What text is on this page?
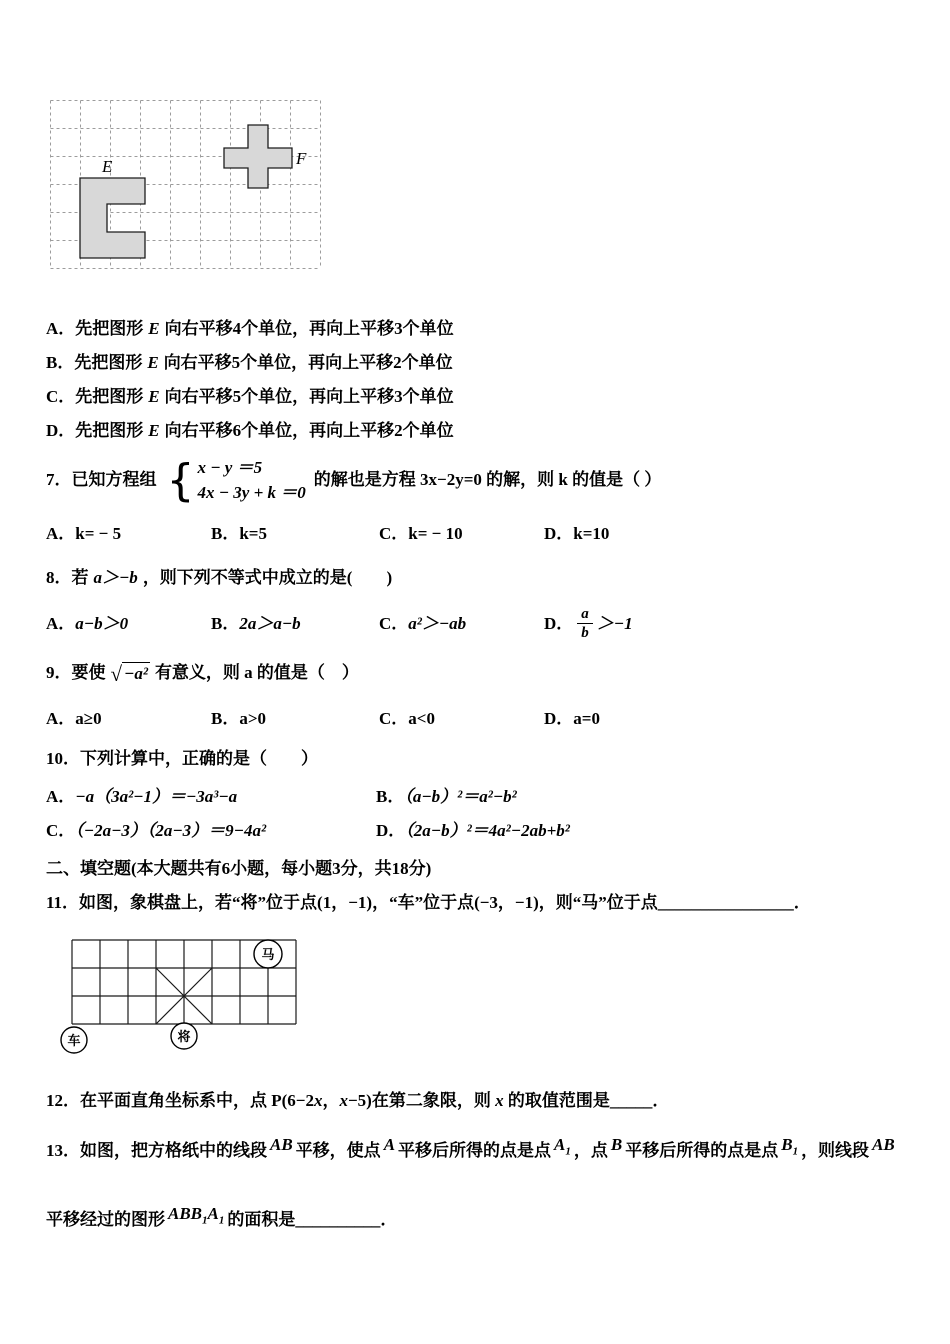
E	F
A．先把图形 E 向右平移4个单位，再向上平移3个单位
B．先把图形 E 向右平移5个单位，再向上平移2个单位
C．先把图形 E 向右平移5个单位，再向上平移3个单位
D．先把图形 E 向右平移6个单位，再向上平移2个单位
7．已知方程组 { x − y ＝5
4x − 3y + k ＝0
的解也是方程 3x−2y=0 的解，则 k 的值是（ ）
A．k= − 5	B．k=5	C．k= − 10	D．k=10
8．若 a＞−b ，则下列不等式中成立的是(　　)
A．a−b＞0	B．2a＞a−b	C．a²＞−ab	D． $\frac{a}{b} >-1$
9．要使 √ −a² 有意义，则 a 的值是（　）
A．a≥0	B．a>0	C．a<0	D．a=0
10．下列计算中，正确的是（　　）
A．−a（3a²−1）＝−3a³−a	B．（a−b）²＝a²−b²
C．（−2a−3）（2a−3）＝9−4a²	D．（2a−b）²＝4a²−2ab+b²
二、填空题(本大题共有6小题，每小题3分，共18分)
11．如图，象棋盘上，若“将”位于点(1，−1)，“车”位于点(−3，−1)，则“马”位于点________________．
马
将
车
12．在平面直角坐标系中，点 P(6−2x，x−5)在第二象限，则 x 的取值范围是_____．
13．如图，把方格纸中的线段 AB 平移，使点 A 平移后所得的点是点 $A_1$ ，点 B 平移后所得的点是点 $B_1$ ，则线段 AB
平移经过的图形 $ABB_1A_1$ 的面积是__________．
